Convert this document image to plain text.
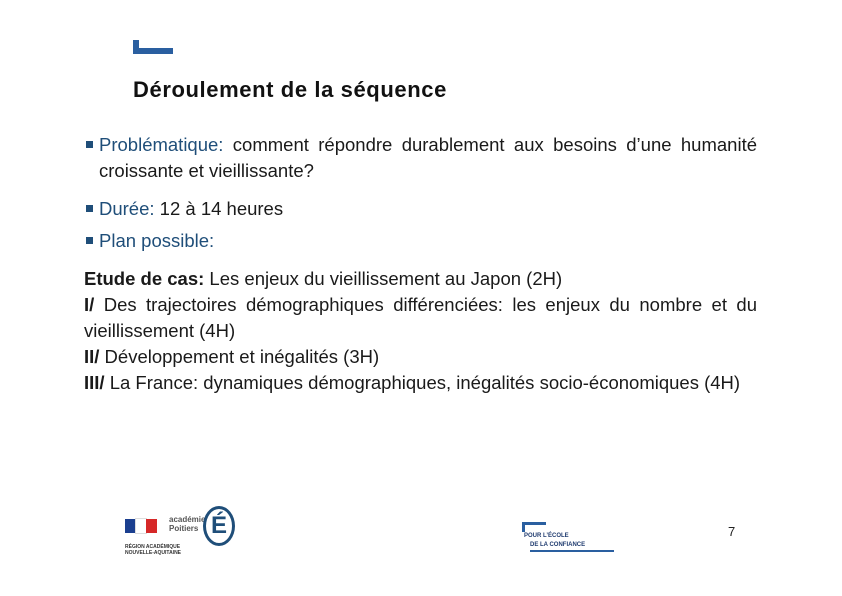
Déroulement de la séquence
Problématique: comment répondre durablement aux besoins d’une humanité croissante et vieillissante?
Durée: 12 à 14 heures
Plan possible:
Etude de cas: Les enjeux du vieillissement au Japon (2H)
I/ Des trajectoires démographiques différenciées: les enjeux du nombre et du vieillissement (4H)
II/ Développement et inégalités (3H)
III/ La France: dynamiques démographiques, inégalités socio-économiques (4H)
académie
Poitiers É
RÉGION ACADÉMIQUE
NOUVELLE-AQUITAINE
POUR L’ÉCOLE
DE LA CONFIANCE
7
